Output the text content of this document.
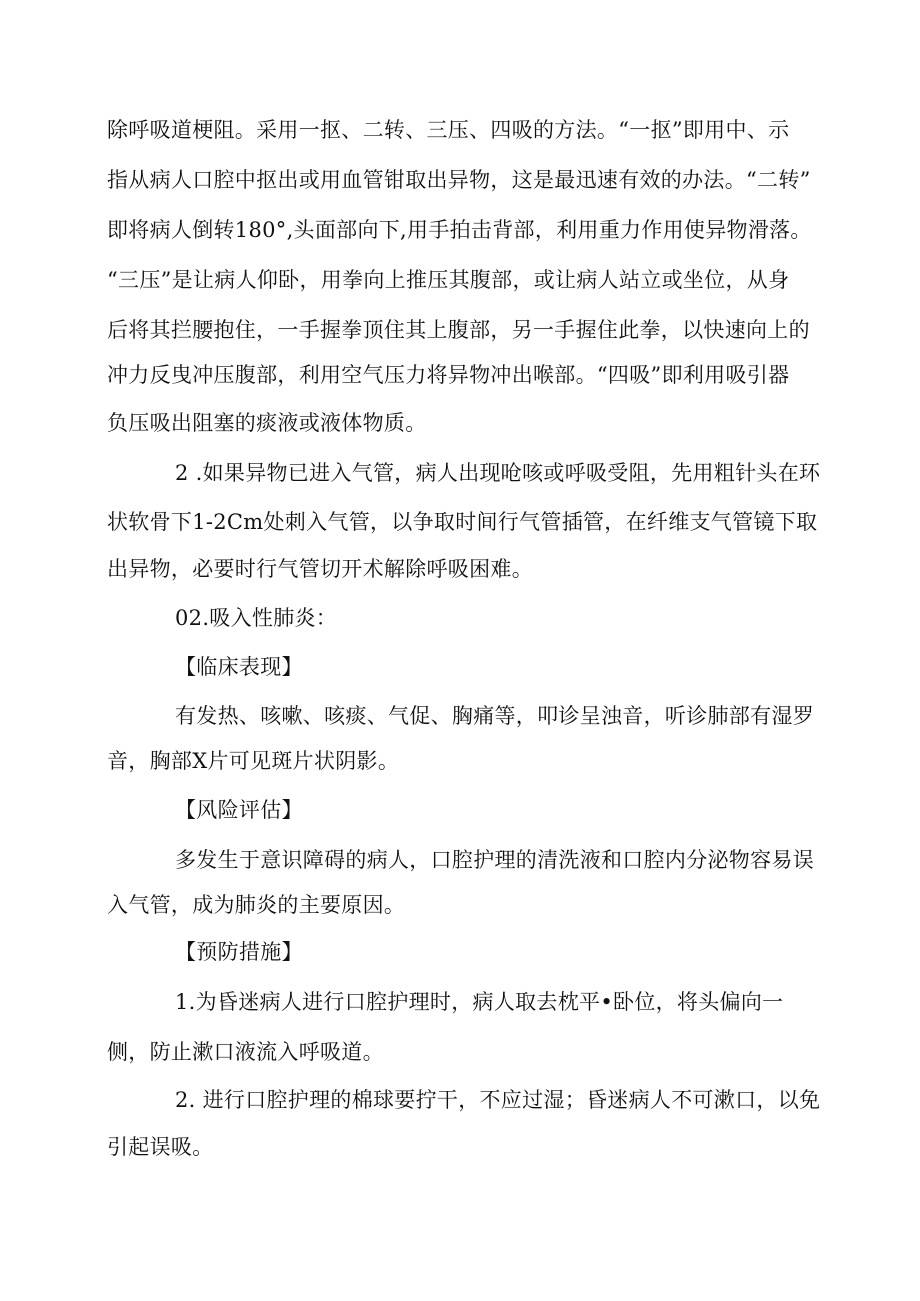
除呼吸道梗阻。采用一抠、二转、三压、四吸的方法。“一抠”即用中、示
指从病人口腔中抠出或用血管钳取出异物，这是最迅速有效的办法。“二转”
即将病人倒转180°,头面部向下,用手拍击背部，利用重力作用使异物滑落。
“三压”是让病人仰卧，用拳向上推压其腹部，或让病人站立或坐位，从身
后将其拦腰抱住，一手握拳顶住其上腹部，另一手握住此拳，以快速向上的
冲力反曳冲压腹部，利用空气压力将异物冲出喉部。“四吸”即利用吸引器
负压吸出阻塞的痰液或液体物质。
2 .如果异物已进入气管，病人出现呛咳或呼吸受阻，先用粗针头在环
状软骨下1-2Cm处刺入气管，以争取时间行气管插管，在纤维支气管镜下取
出异物，必要时行气管切开术解除呼吸困难。
02.吸入性肺炎：
【临床表现】
有发热、咳嗽、咳痰、气促、胸痛等，叩诊呈浊音，听诊肺部有湿罗
音，胸部X片可见斑片状阴影。
【风险评估】
多发生于意识障碍的病人，口腔护理的清洗液和口腔内分泌物容易误
入气管，成为肺炎的主要原因。
【预防措施】
1.为昏迷病人进行口腔护理时，病人取去枕平•卧位，将头偏向一
侧，防止漱口液流入呼吸道。
2. 进行口腔护理的棉球要拧干，不应过湿；昏迷病人不可漱口，以免
引起误吸。
